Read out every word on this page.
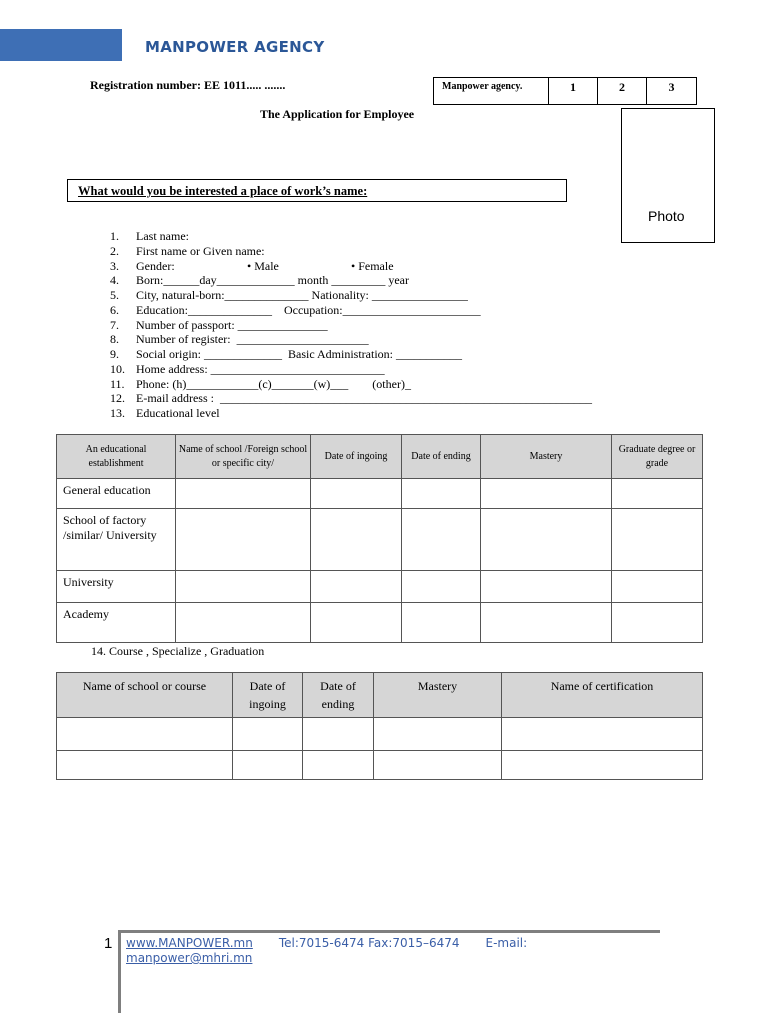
MANPOWER AGENCY
Registration number: EE 1011..... .......	Manpower agency.	1	2	3
Photo
The Application for Employee
What would you be interested a place of work’s name:
1.	Last name:
2.	First name or Given name:
3.	Gender:	• Male	• Female
4.	Born:______day_____________ month _________ year
5.	City, natural-born:______________ Nationality: ________________
6.	Education:______________    Occupation:_______________________
7.	Number of passport: _______________
8.	Number of register:  ______________________
9.	Social origin: _____________  Basic Administration: ___________
10. Home address: _____________________________
11. Phone: (h)____________(c)_______(w)___        (other)_
12. E-mail address :  ______________________________________________________________
13. Educational level
An educational establishment	Name of school /Foreign school or specific city/	Date of ingoing	Date of ending	Mastery	Graduate degree or grade
General education					
School of factory /similar/ University					
University					
Academy					
14. Course , Specialize , Graduation
Name of school or course	Date of ingoing	Date of ending	Mastery	Name of certification

1 www.MANPOWER.mn Tel:7015-6474 Fax:7015–6474 E-mail:
manpower@mhri.mn
